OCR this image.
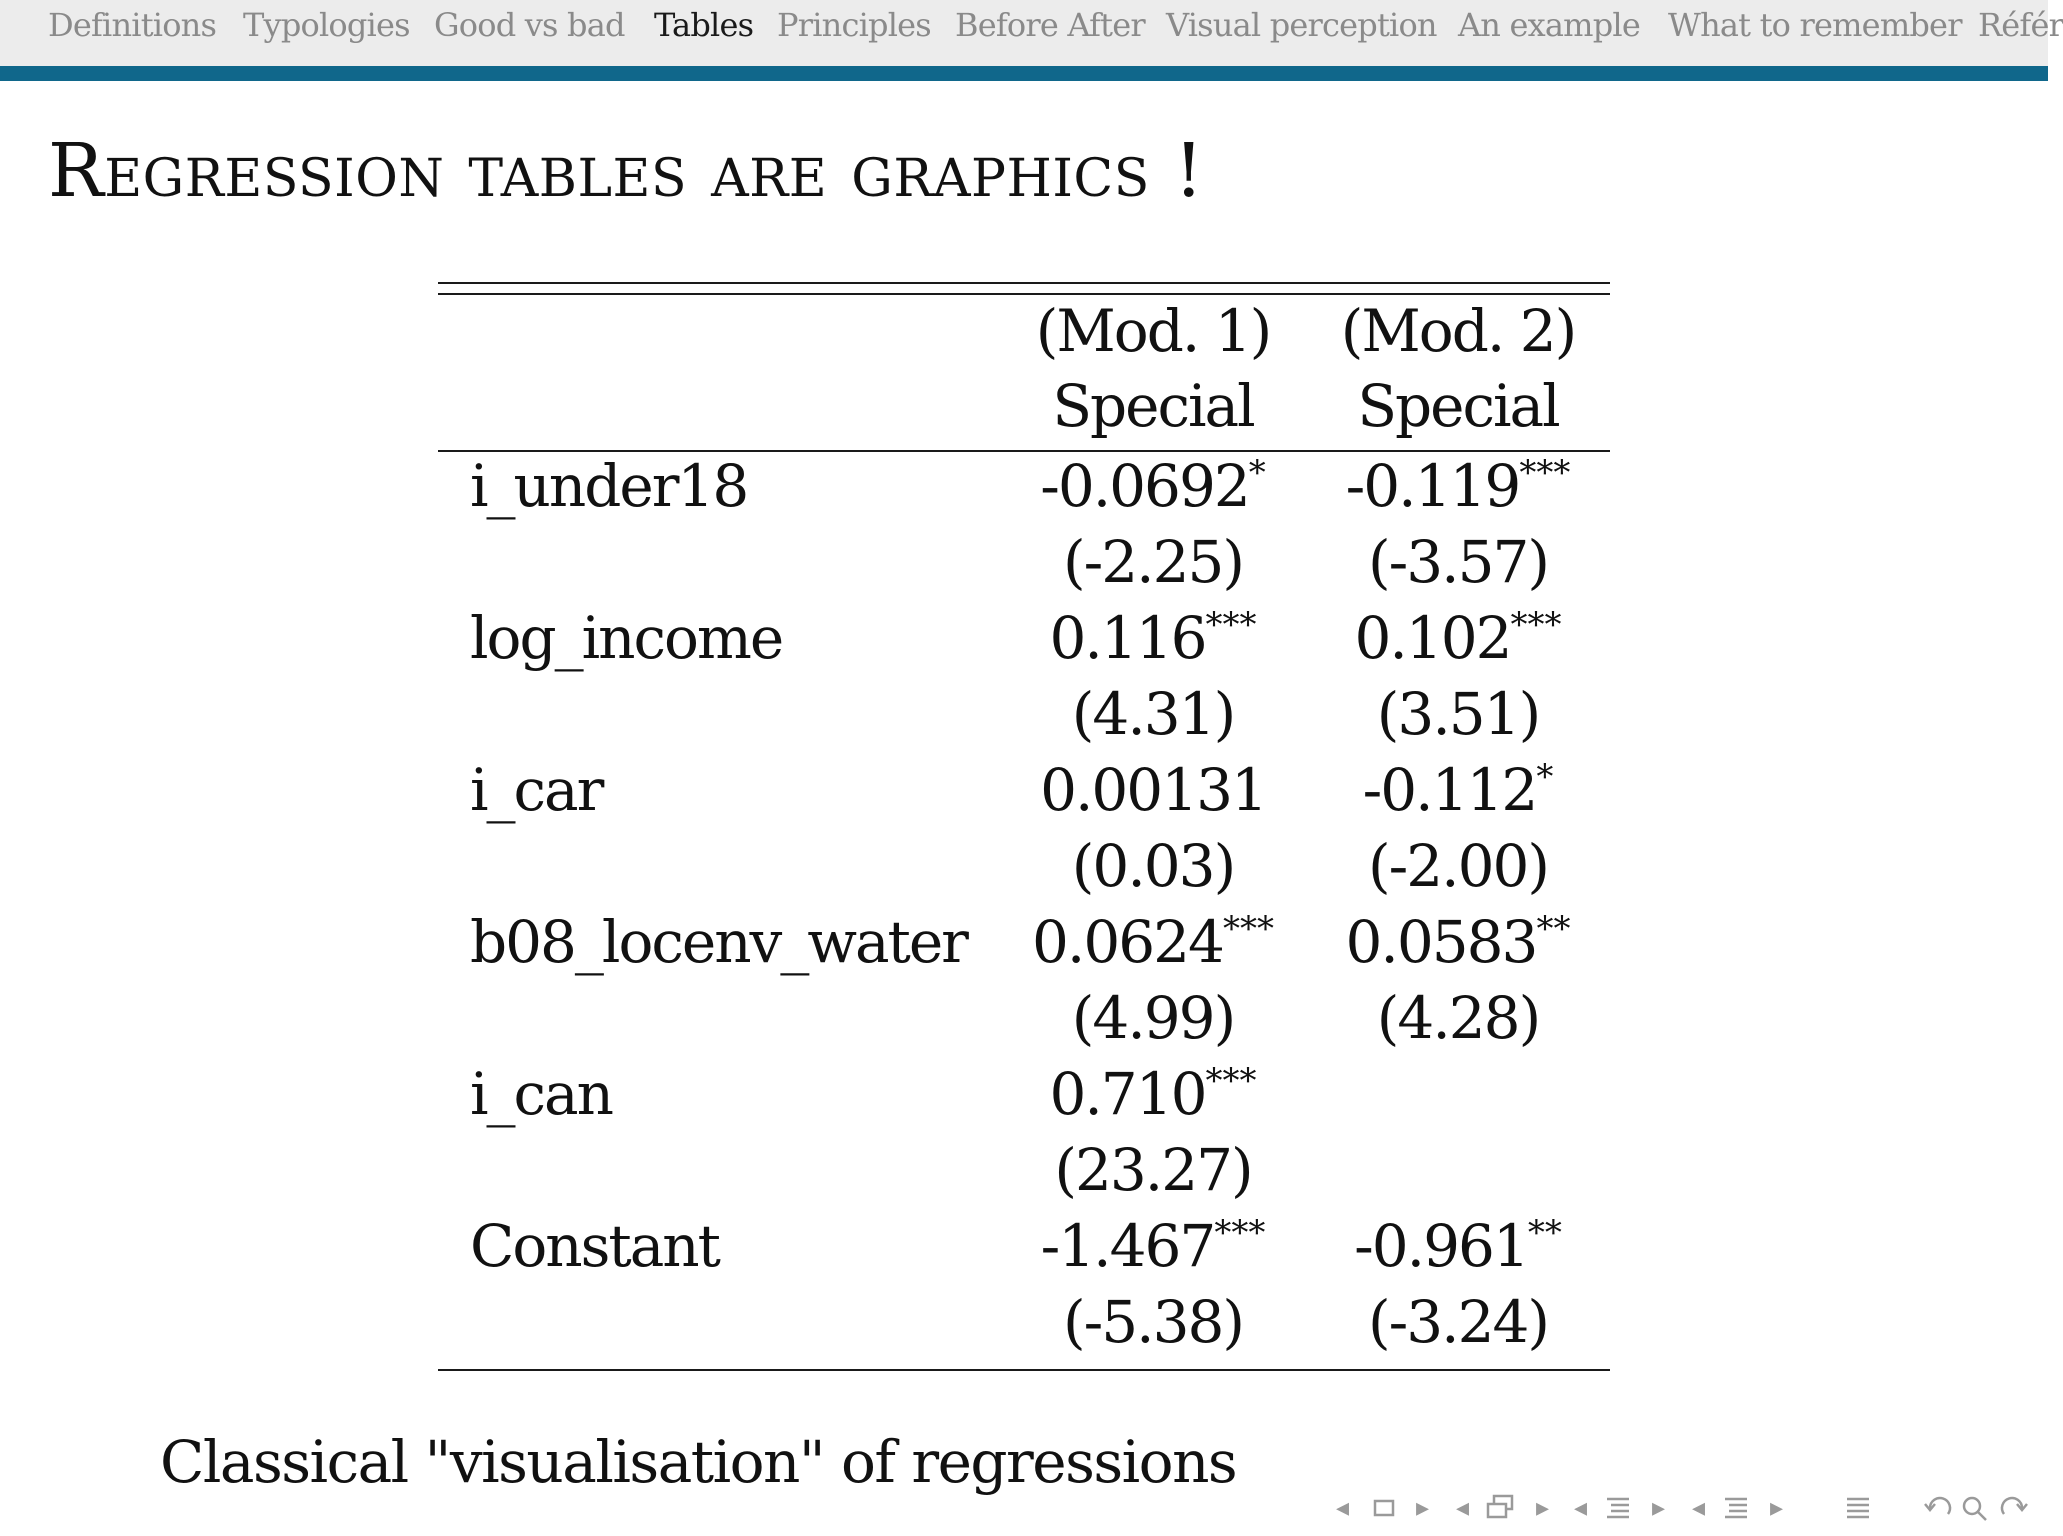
Definitions Typologies Good vs bad Tables Principles Before After Visual perception An example What to remember Référ
Regression tables are graphics !
(Mod. 1)	(Mod. 2)
Special	Special
i_under18	-0.0692*	-0.119***
(-2.25)	(-3.57)
log_income	0.116***	0.102***
(4.31)	(3.51)
i_car	0.00131	-0.112*
(0.03)	(-2.00)
b08_locenv_water	0.0624***	0.0583**
(4.99)	(4.28)
i_can	0.710***
(23.27)
Constant	-1.467***	-0.961**
(-5.38)	(-3.24)
Classical "visualisation" of regressions
◂	▸ ◂	▸ ◂ ▸ ◂ ▸
